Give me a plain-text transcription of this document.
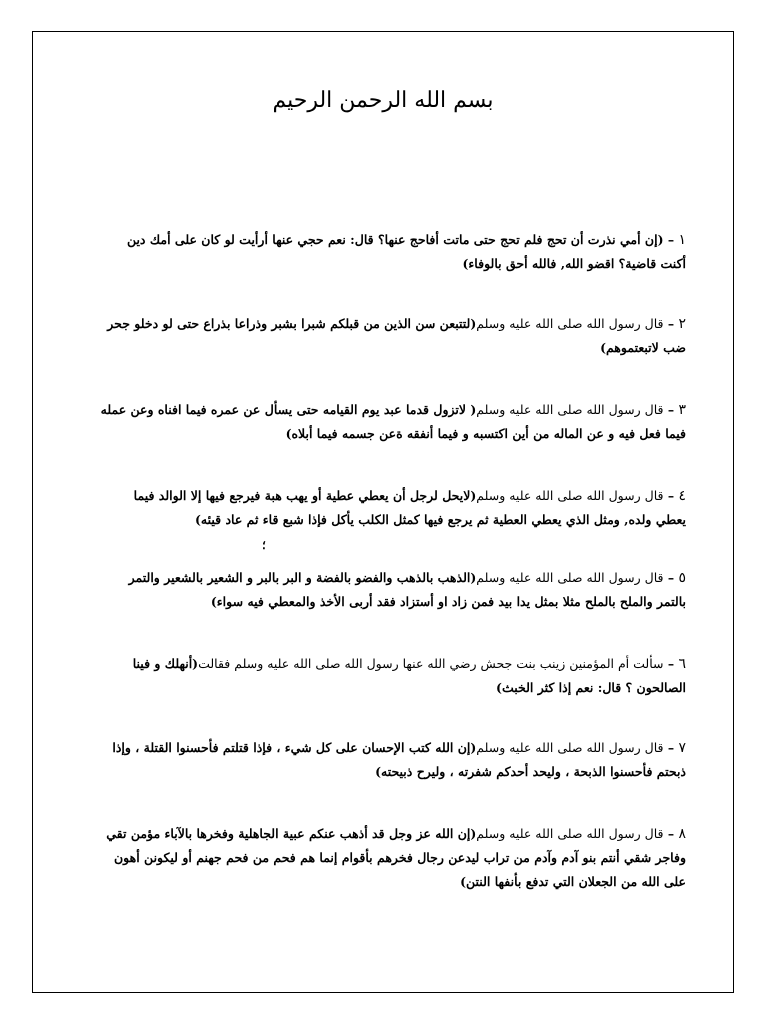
بسم الله الرحمن الرحيم
١ – (إن أمي نذرت أن تحج فلم تحج حتى ماتت أفاحج عنها؟ قال: نعم حجي عنها أرأيت لو كان على أمك دين أكنت قاضية؟ اقضو الله, فالله أحق بالوفاء)
٢ – قال رسول الله صلى الله عليه وسلم(لتتبعن سن الذين من قبلكم شبرا بشبر وذراعا بذراع حتى لو دخلو جحر ضب لاتبعتموهم)
٣ – قال رسول الله صلى الله عليه وسلم( لاتزول قدما عبد يوم القيامه حتى يسأل عن عمره فيما افناه وعن عمله فيما فعل فيه و عن الماله من أين اكتسبه و فيما أنفقه ةعن جسمه فيما أبلاه)
٤ – قال رسول الله صلى الله عليه وسلم(لايحل لرجل أن يعطي عطية أو يهب هبة فيرجع فيها إلا الوالد فيما يعطي ولده, ومثل الذي يعطي العطية ثم يرجع فيها كمثل الكلب يأكل فإذا شبع قاء ثم عاد قيئه)
؛
٥ – قال رسول الله صلى الله عليه وسلم(الذهب بالذهب والفضو بالفضة و البر بالبر و الشعير بالشعير والتمر بالتمر والملح بالملح مثلا بمثل يدا بيد فمن زاد او أستزاد فقد أربى الأخذ والمعطي فيه سواء)
٦ – سألت أم المؤمنين زينب بنت جحش رضي الله عنها رسول الله صلى الله عليه وسلم فقالت(أنهلك و فينا الصالحون ؟ قال: نعم إذا كثر الخبث)
٧ – قال رسول الله صلى الله عليه وسلم(إن الله كتب الإحسان على كل شيء ، فإذا قتلتم فأحسنوا القتلة ، وإذا ذبحتم فأحسنوا الذبحة ، وليحد أحدكم شفرته ، وليرح ذبيحته)
٨ – قال رسول الله صلى الله عليه وسلم(إن الله عز وجل قد أذهب عنكم عبية الجاهلية وفخرها بالآباء مؤمن تقي وفاجر شقي أنتم بنو آدم وآدم من تراب ليدعن رجال فخرهم بأقوام إنما هم فحم من فحم جهنم أو ليكونن أهون على الله من الجعلان التي تدفع بأنفها النتن)
